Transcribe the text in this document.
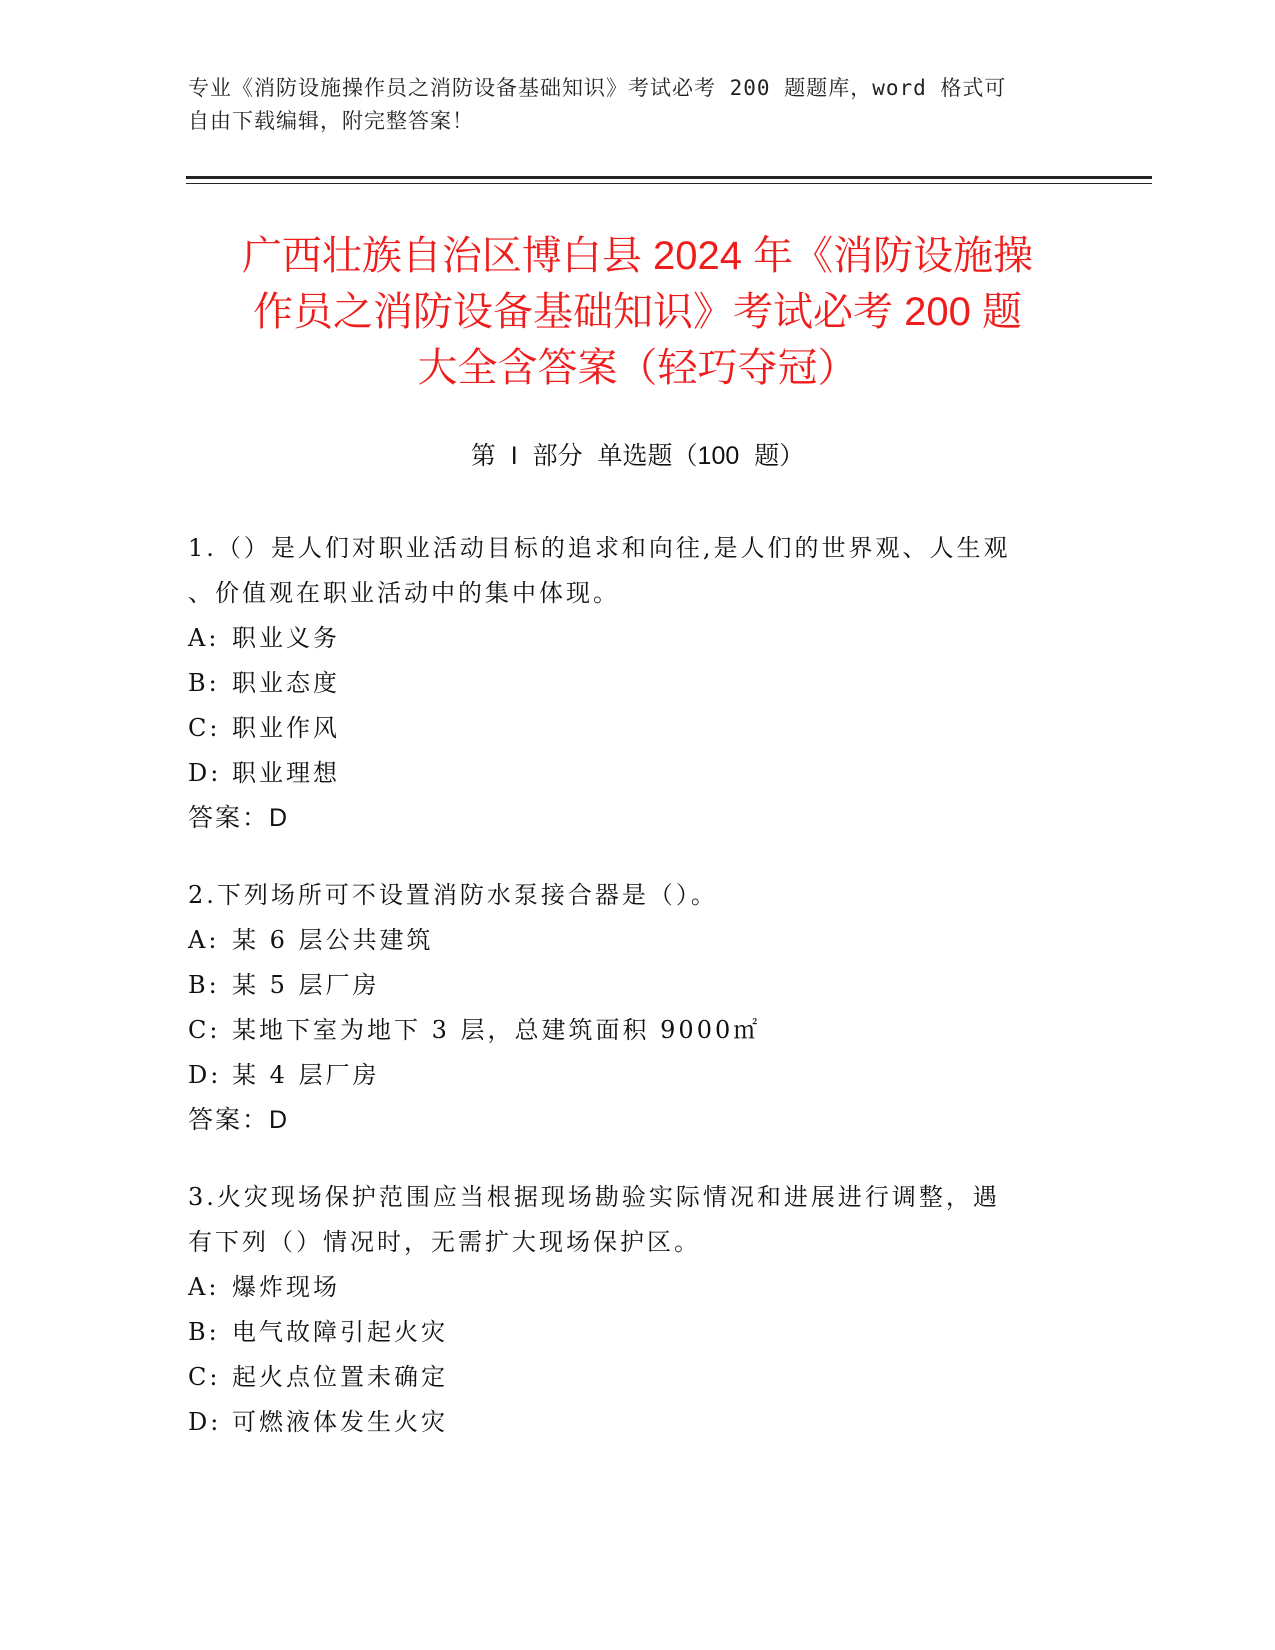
专业《消防设施操作员之消防设备基础知识》考试必考 200 题题库，word 格式可
自由下载编辑，附完整答案！
广西壮族自治区博白县 2024 年《消防设施操
作员之消防设备基础知识》考试必考 200 题
大全含答案（轻巧夺冠）
第 I 部分 单选题（100 题）
1.（）是人们对职业活动目标的追求和向往,是人们的世界观、人生观
、价值观在职业活动中的集中体现。
A: 职业义务
B: 职业态度
C: 职业作风
D: 职业理想
答案：D
2.下列场所可不设置消防水泵接合器是（）。
A: 某 6 层公共建筑
B: 某 5 层厂房
C: 某地下室为地下 3 层，总建筑面积 9000㎡
D: 某 4 层厂房
答案：D
3.火灾现场保护范围应当根据现场勘验实际情况和进展进行调整，遇
有下列（）情况时，无需扩大现场保护区。
A: 爆炸现场
B: 电气故障引起火灾
C: 起火点位置未确定
D: 可燃液体发生火灾
